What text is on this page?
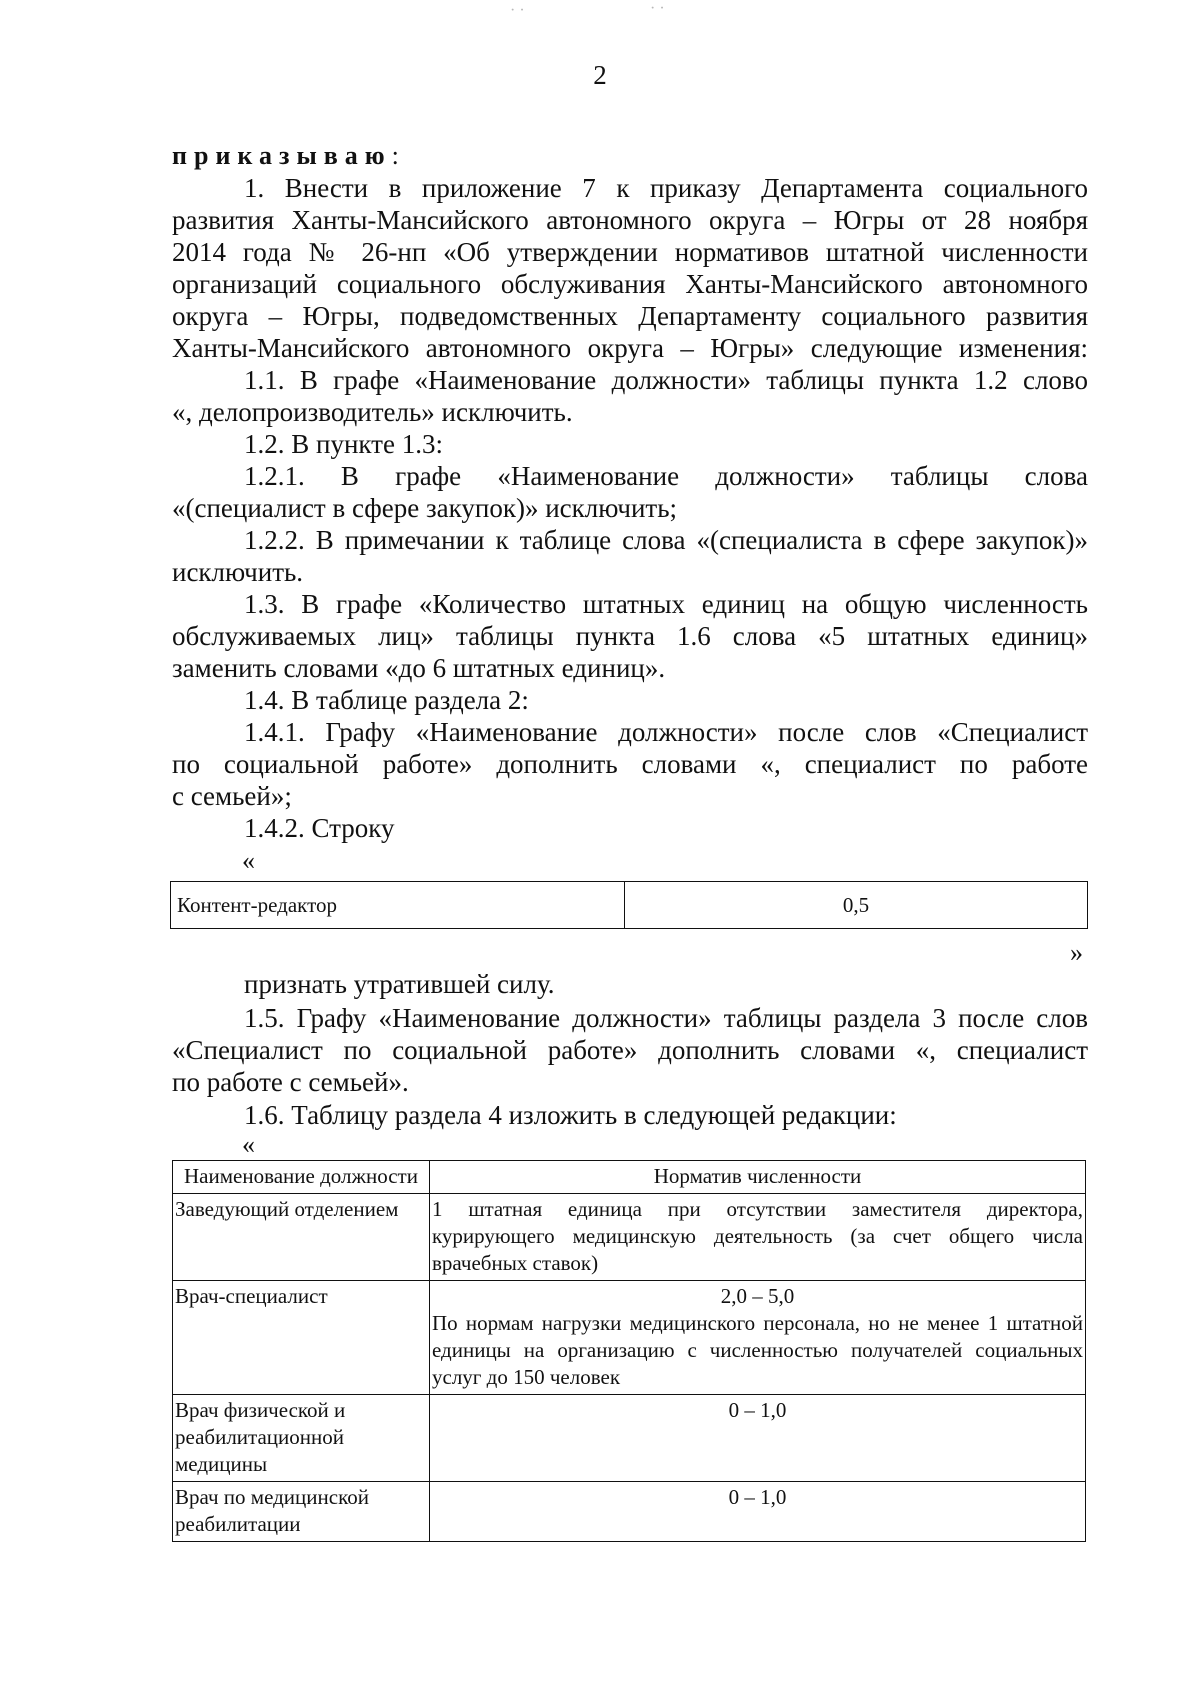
· ·	· ·
2
приказываю:
1. Внести в приложение 7 к приказу Департамента социального
развития Ханты-Мансийского автономного округа – Югры от 28 ноября
2014 года № 26-нп «Об утверждении нормативов штатной численности
организаций социального обслуживания Ханты-Мансийского автономного
округа – Югры, подведомственных Департаменту социального развития
Ханты-Мансийского автономного округа – Югры» следующие изменения:
1.1. В графе «Наименование должности» таблицы пункта 1.2 слово
«, делопроизводитель» исключить.
1.2. В пункте 1.3:
1.2.1. В графе «Наименование должности» таблицы слова
«(специалист в сфере закупок)» исключить;
1.2.2. В примечании к таблице слова «(специалиста в сфере закупок)»
исключить.
1.3. В графе «Количество штатных единиц на общую численность
обслуживаемых лиц» таблицы пункта 1.6 слова «5 штатных единиц»
заменить словами «до 6 штатных единиц».
1.4. В таблице раздела 2:
1.4.1. Графу «Наименование должности» после слов «Специалист
по социальной работе» дополнить словами «, специалист по работе
с семьей»;
1.4.2. Строку
«
Контент-редактор	0,5
»
признать утратившей силу.
1.5. Графу «Наименование должности» таблицы раздела 3 после слов
«Специалист по социальной работе» дополнить словами «, специалист
по работе с семьей».
1.6. Таблицу раздела 4 изложить в следующей редакции:
«
Наименование должности	Норматив численности
Заведующий отделением	1 штатная единица при отсутствии заместителя директора, курирующего медицинскую деятельность (за счет общего числа врачебных ставок)
Врач-специалист	2,0 – 5,0
По нормам нагрузки медицинского персонала, но не менее 1 штатной единицы на организацию с численностью получателей социальных услуг до 150 человек

Врач физической и реабилитационной медицины	0 – 1,0
Врач по медицинской реабилитации	0 – 1,0
